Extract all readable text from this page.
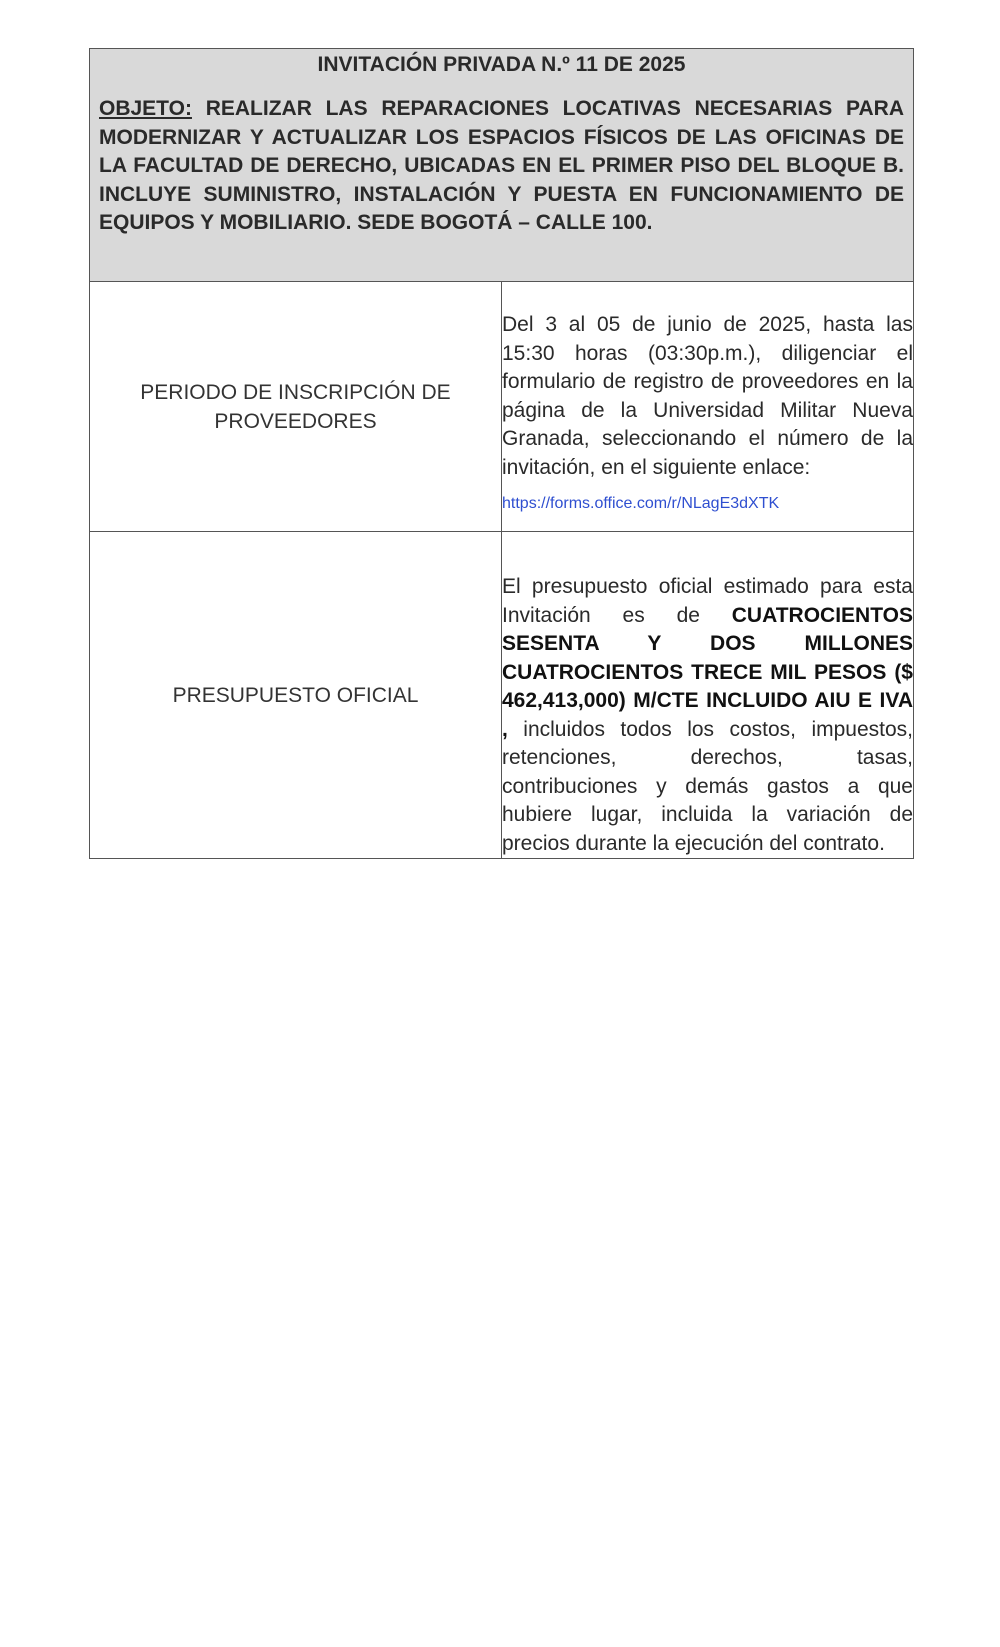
INVITACIÓN PRIVADA N.º 11 DE 2025

OBJETO: REALIZAR LAS REPARACIONES LOCATIVAS NECESARIAS PARA MODERNIZAR Y ACTUALIZAR LOS ESPACIOS FÍSICOS DE LAS OFICINAS DE LA FACULTAD DE DERECHO, UBICADAS EN EL PRIMER PISO DEL BLOQUE B. INCLUYE SUMINISTRO, INSTALACIÓN Y PUESTA EN FUNCIONAMIENTO DE EQUIPOS Y MOBILIARIO. SEDE BOGOTÁ – CALLE 100.	

PERIODO DE INSCRIPCIÓN DE PROVEEDORES	Del 3 al 05 de junio de 2025, hasta las 15:30 horas (03:30p.m.), diligenciar el formulario de registro de proveedores en la página de la Universidad Militar Nueva Granada, seleccionando el número de la invitación, en el siguiente enlace:

https://forms.office.com/r/NLagE3dXTK

PRESUPUESTO OFICIAL	El presupuesto oficial estimado para esta Invitación es de CUATROCIENTOS SESENTA Y DOS MILLONES CUATROCIENTOS TRECE MIL PESOS ($ 462,413,000) M/CTE INCLUIDO AIU E IVA , incluidos todos los costos, impuestos, retenciones, derechos, tasas, contribuciones y demás gastos a que hubiere lugar, incluida la variación de precios durante la ejecución del contrato.
